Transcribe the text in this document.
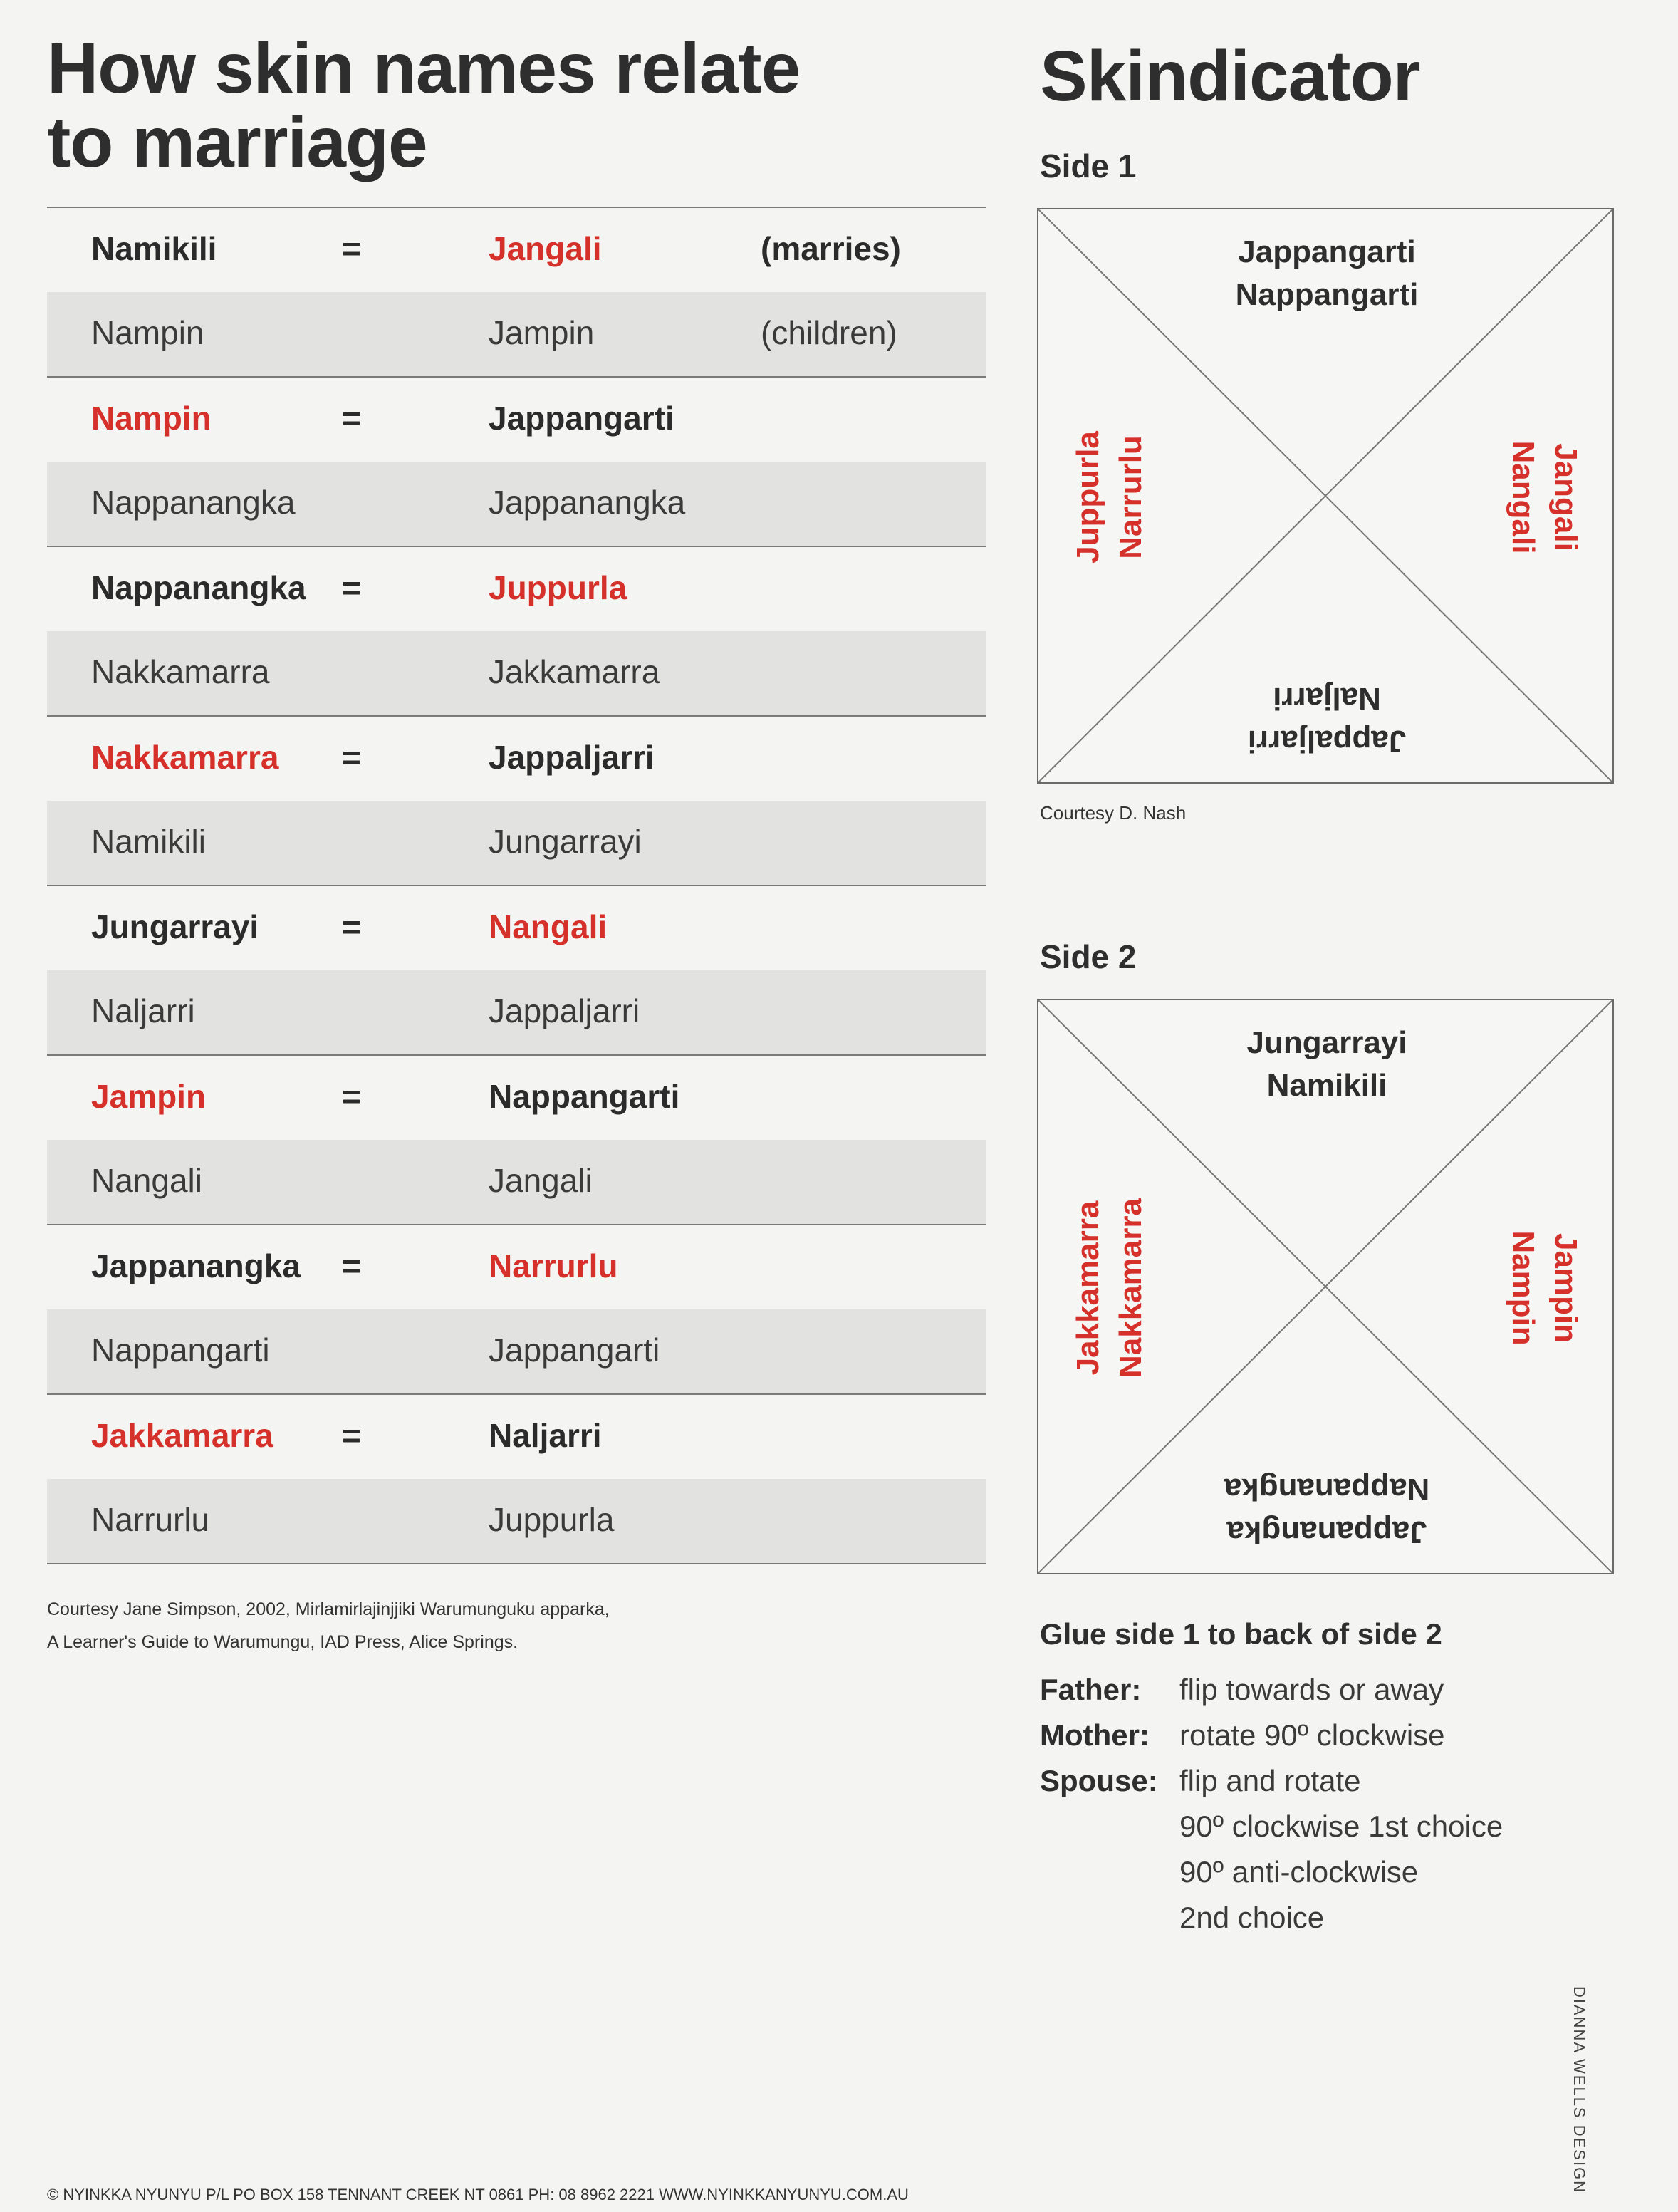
How skin names relate
to marriage
Namikili	=	Jangali	(marries)
Nampin	Jampin	(children)
Nampin	=	Jappangarti
Nappanangka	Jappanangka
Nappanangka =	Juppurla
Nakkamarra	Jakkamarra
Nakkamarra =	Jappaljarri
Namikili	Jungarrayi
Jungarrayi	=	Nangali
Naljarri	Jappaljarri
Jampin	=	Nappangarti
Nangali	Jangali
Jappanangka =	Narrurlu
Nappangarti	Jappangarti
Jakkamarra =	Naljarri
Narrurlu	Juppurla
Courtesy Jane Simpson, 2002, Mirlamirlajinjjiki Warumunguku apparka,
A Learner's Guide to Warumungu, IAD Press, Alice Springs.
Skindicator
Side 1
Jappangarti
Nappangarti
Jangali
Nangali
Jappaljarri
Naljarri
Juppurla Narrurlu
Courtesy D. Nash
Side 2
Jungarrayi
Namikili
Jampin
Nampin
Jappanangka
Nappanangka
Jakkamarra Nakkamarra
Glue side 1 to back of side 2
Father:	flip towards or away
Mother:	rotate 90º clockwise
Spouse: flip and rotate
90º clockwise 1st choice
90º anti-clockwise
2nd choice
DIANNA WELLS DESIGN
© NYINKKA NYUNYU P/L PO BOX 158 TENNANT CREEK NT 0861 PH: 08 8962 2221 WWW.NYINKKANYUNYU.COM.AU
